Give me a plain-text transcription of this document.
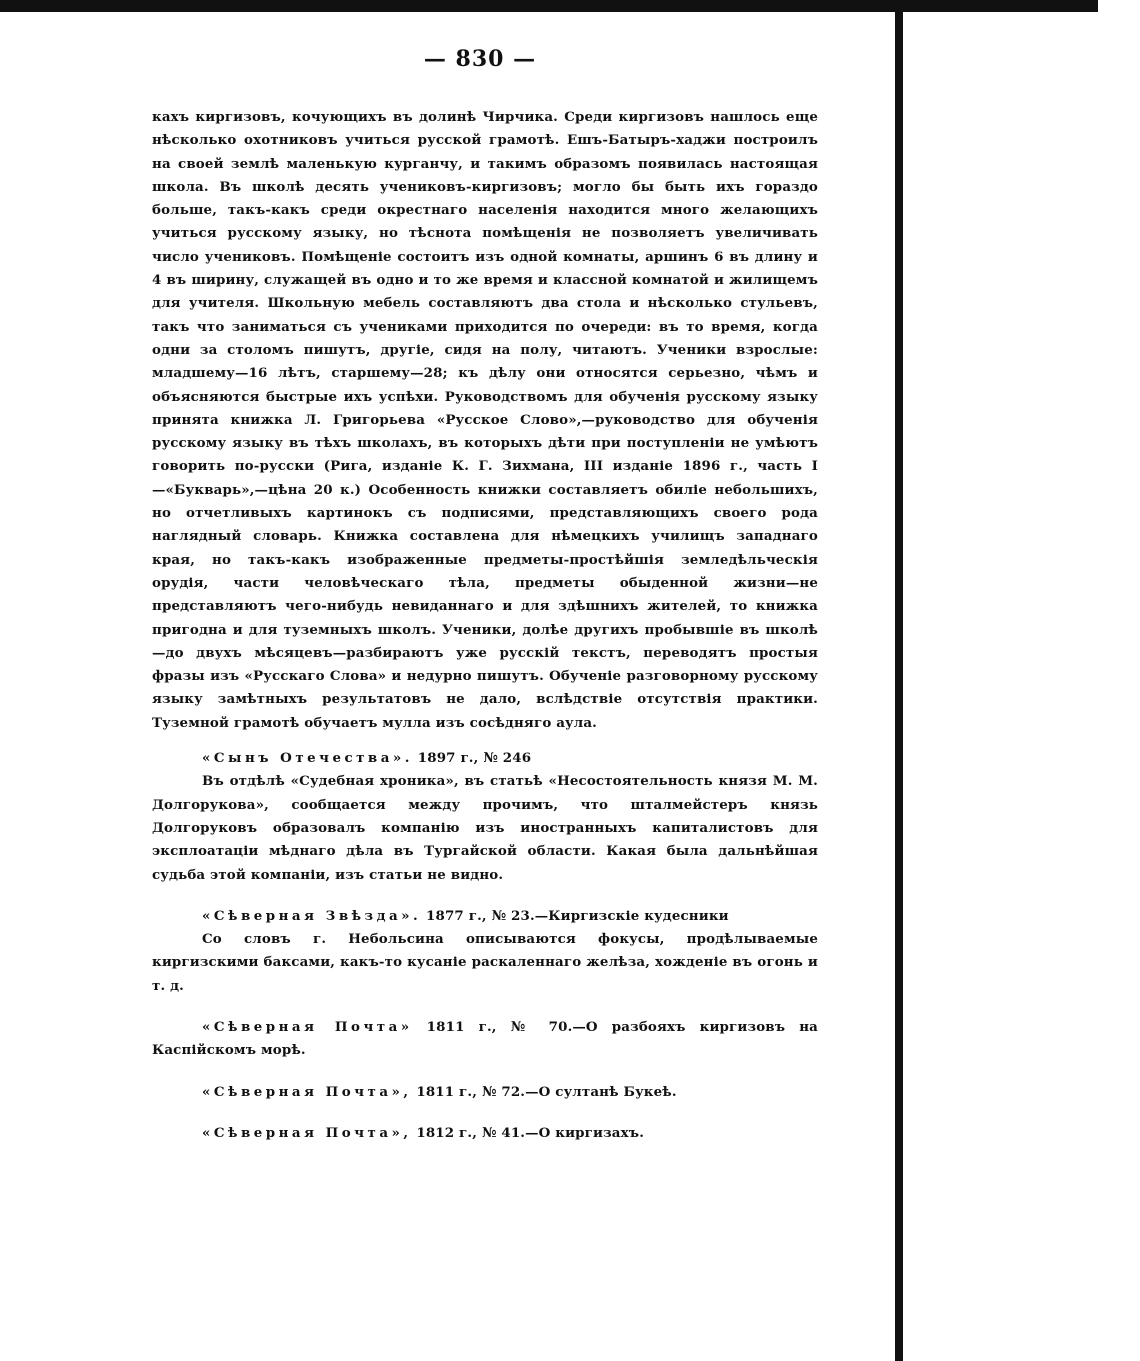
— 830 —

кахъ киргизовъ, кочующихъ въ долинѣ Чирчика. Среди киргизовъ нашлось еще нѣсколько охотниковъ учиться русской грамотѣ. Ешъ-Батыръ-хаджи построилъ на своей землѣ маленькую курганчу, и такимъ образомъ появилась настоящая школа. Въ школѣ десять учениковъ-киргизовъ; могло бы быть ихъ гораздо больше, такъ-какъ среди окрестнаго населенія находится много желающихъ учиться русскому языку, но тѣснота помѣщенія не позволяетъ увеличивать число учениковъ. Помѣщеніе состоитъ изъ одной комнаты, аршинъ 6 въ длину и 4 въ ширину, служащей въ одно и то же время и классной комнатой и жилищемъ для учителя. Школьную мебель составляютъ два стола и нѣсколько стульевъ, такъ что заниматься съ учениками приходится по очереди: въ то время, когда одни за столомъ пишутъ, другіе, сидя на полу, читаютъ. Ученики взрослые: младшему—16 лѣтъ, старшему—28; къ дѣлу они относятся серьезно, чѣмъ и объясняются быстрые ихъ успѣхи. Руководствомъ для обученія русскому языку принята книжка Л. Григорьева «Русское Слово»,—руководство для обученія русскому языку въ тѣхъ школахъ, въ которыхъ дѣти при поступленіи не умѣютъ говорить по-русски (Рига, изданіе К. Г. Зихмана, III изданіе 1896 г., часть I—«Букварь»,—цѣна 20 к.) Особенность книжки составляетъ обиліе небольшихъ, но отчетливыхъ картинокъ съ подписями, представляющихъ своего рода наглядный словарь. Книжка составлена для нѣмецкихъ училищъ западнаго края, но такъ-какъ изображенные предметы-простѣйшія земледѣльческія орудія, части человѣческаго тѣла, предметы обыденной жизни—не представляютъ чего-нибудь невиданнаго и для здѣшнихъ жителей, то книжка пригодна и для туземныхъ школъ. Ученики, долѣе другихъ пробывшіе въ школѣ—до двухъ мѣсяцевъ—разбираютъ уже русскій текстъ, переводятъ простыя фразы изъ «Русскаго Слова» и недурно пишутъ. Обученіе разговорному русскому языку замѣтныхъ результатовъ не дало, вслѣдствіе отсутствія практики. Туземной грамотѣ обучаетъ мулла изъ сосѣдняго аула.

«Сынъ Отечества». 1897 г., № 246

Въ отдѣлѣ «Судебная хроника», въ статьѣ «Несостоятельность князя М. М. Долгорукова», сообщается между прочимъ, что шталмейстеръ князь Долгоруковъ образовалъ компанію изъ иностранныхъ капиталистовъ для эксплоатаціи мѣднаго дѣла въ Тургайской области. Какая была дальнѣйшая судьба этой компаніи, изъ статьи не видно.

«Сѣверная Звѣзда». 1877 г., № 23.—Киргизскіе кудесники

Со словъ г. Небольсина описываются фокусы, продѣлываемые киргизскими баксами, какъ-то кусаніе раскаленнаго желѣза, хожденіе въ огонь и т. д.

«Сѣверная Почта» 1811 г., № 70.—О разбояхъ киргизовъ на Каспійскомъ морѣ.

«Сѣверная Почта», 1811 г., № 72.—О султанѣ Букеѣ.

«Сѣверная Почта», 1812 г., № 41.—О киргизахъ.
